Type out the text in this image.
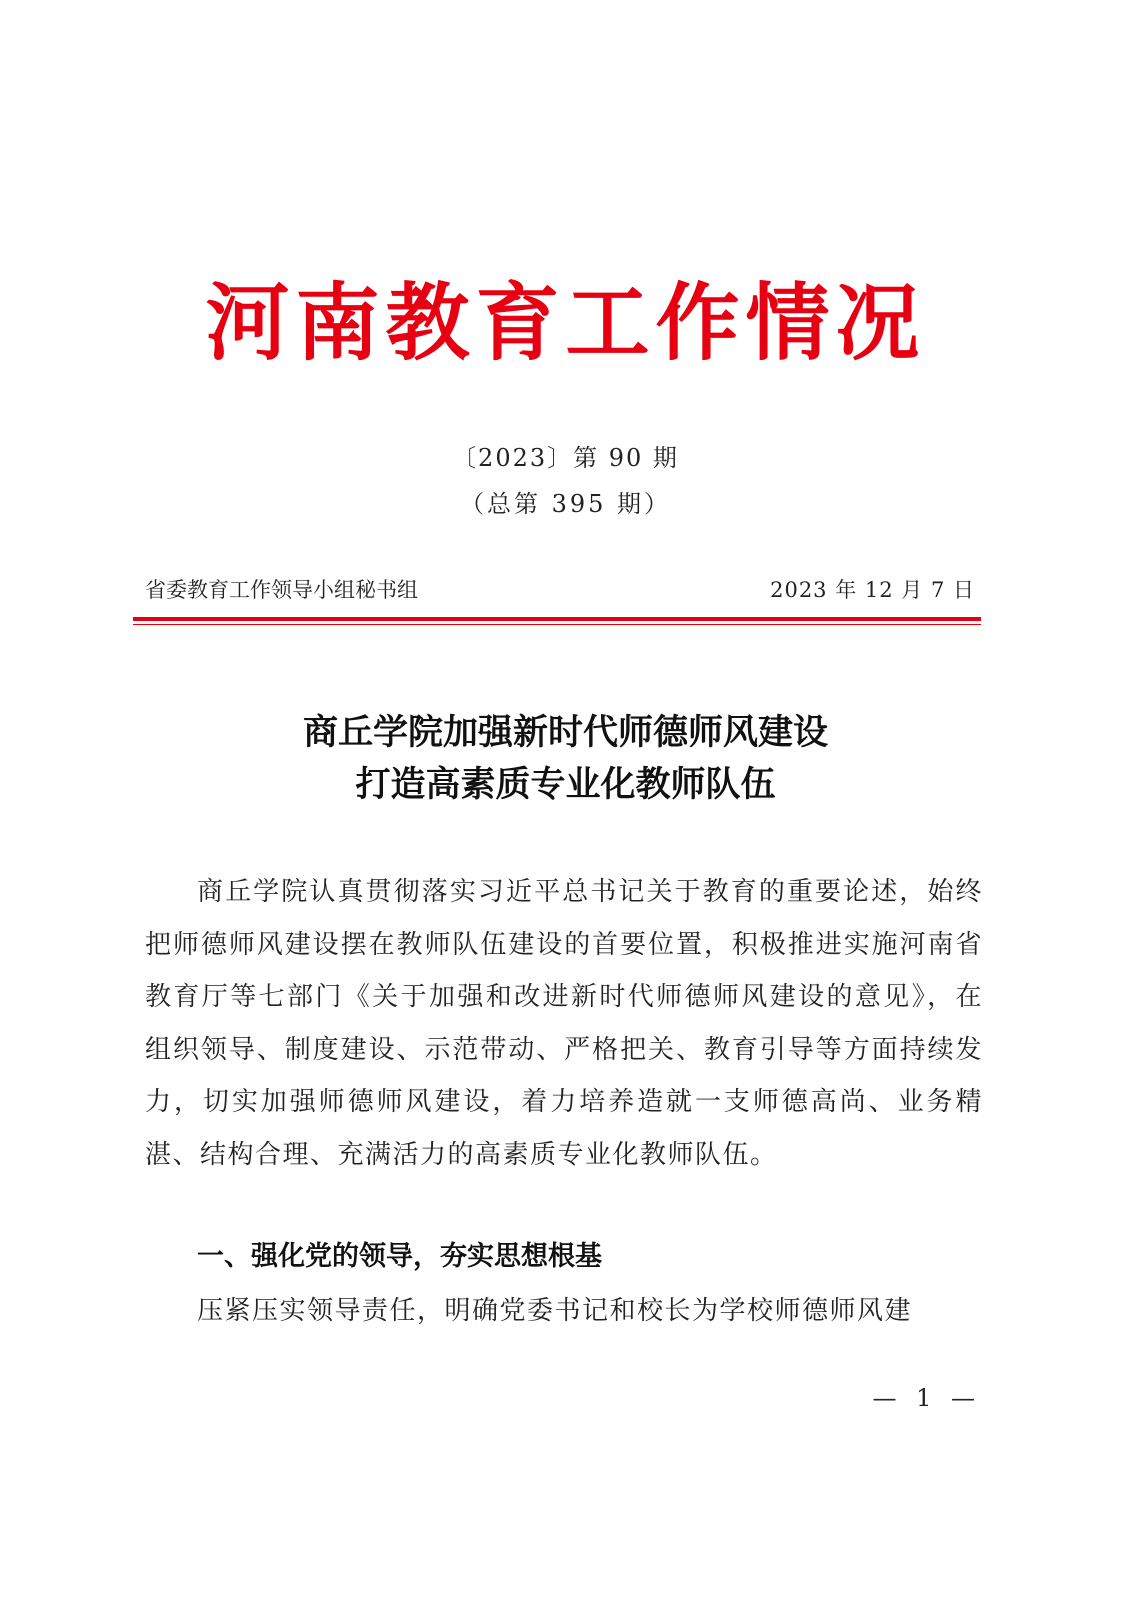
河南教育工作情况
〔2023〕第 90 期
（总第 395 期）
省委教育工作领导小组秘书组	2023 年 12 月 7 日
商丘学院加强新时代师德师风建设
打造高素质专业化教师队伍

商丘学院认真贯彻落实习近平总书记关于教育的重要论述，始终把师德师风建设摆在教师队伍建设的首要位置，积极推进实施河南省教育厅等七部门《关于加强和改进新时代师德师风建设的意见》，在组织领导、制度建设、示范带动、严格把关、教育引导等方面持续发力，切实加强师德师风建设，着力培养造就一支师德高尚、业务精湛、结构合理、充满活力的高素质专业化教师队伍。

一、强化党的领导，夯实思想根基

压紧压实领导责任，明确党委书记和校长为学校师德师风建

— 1 —
